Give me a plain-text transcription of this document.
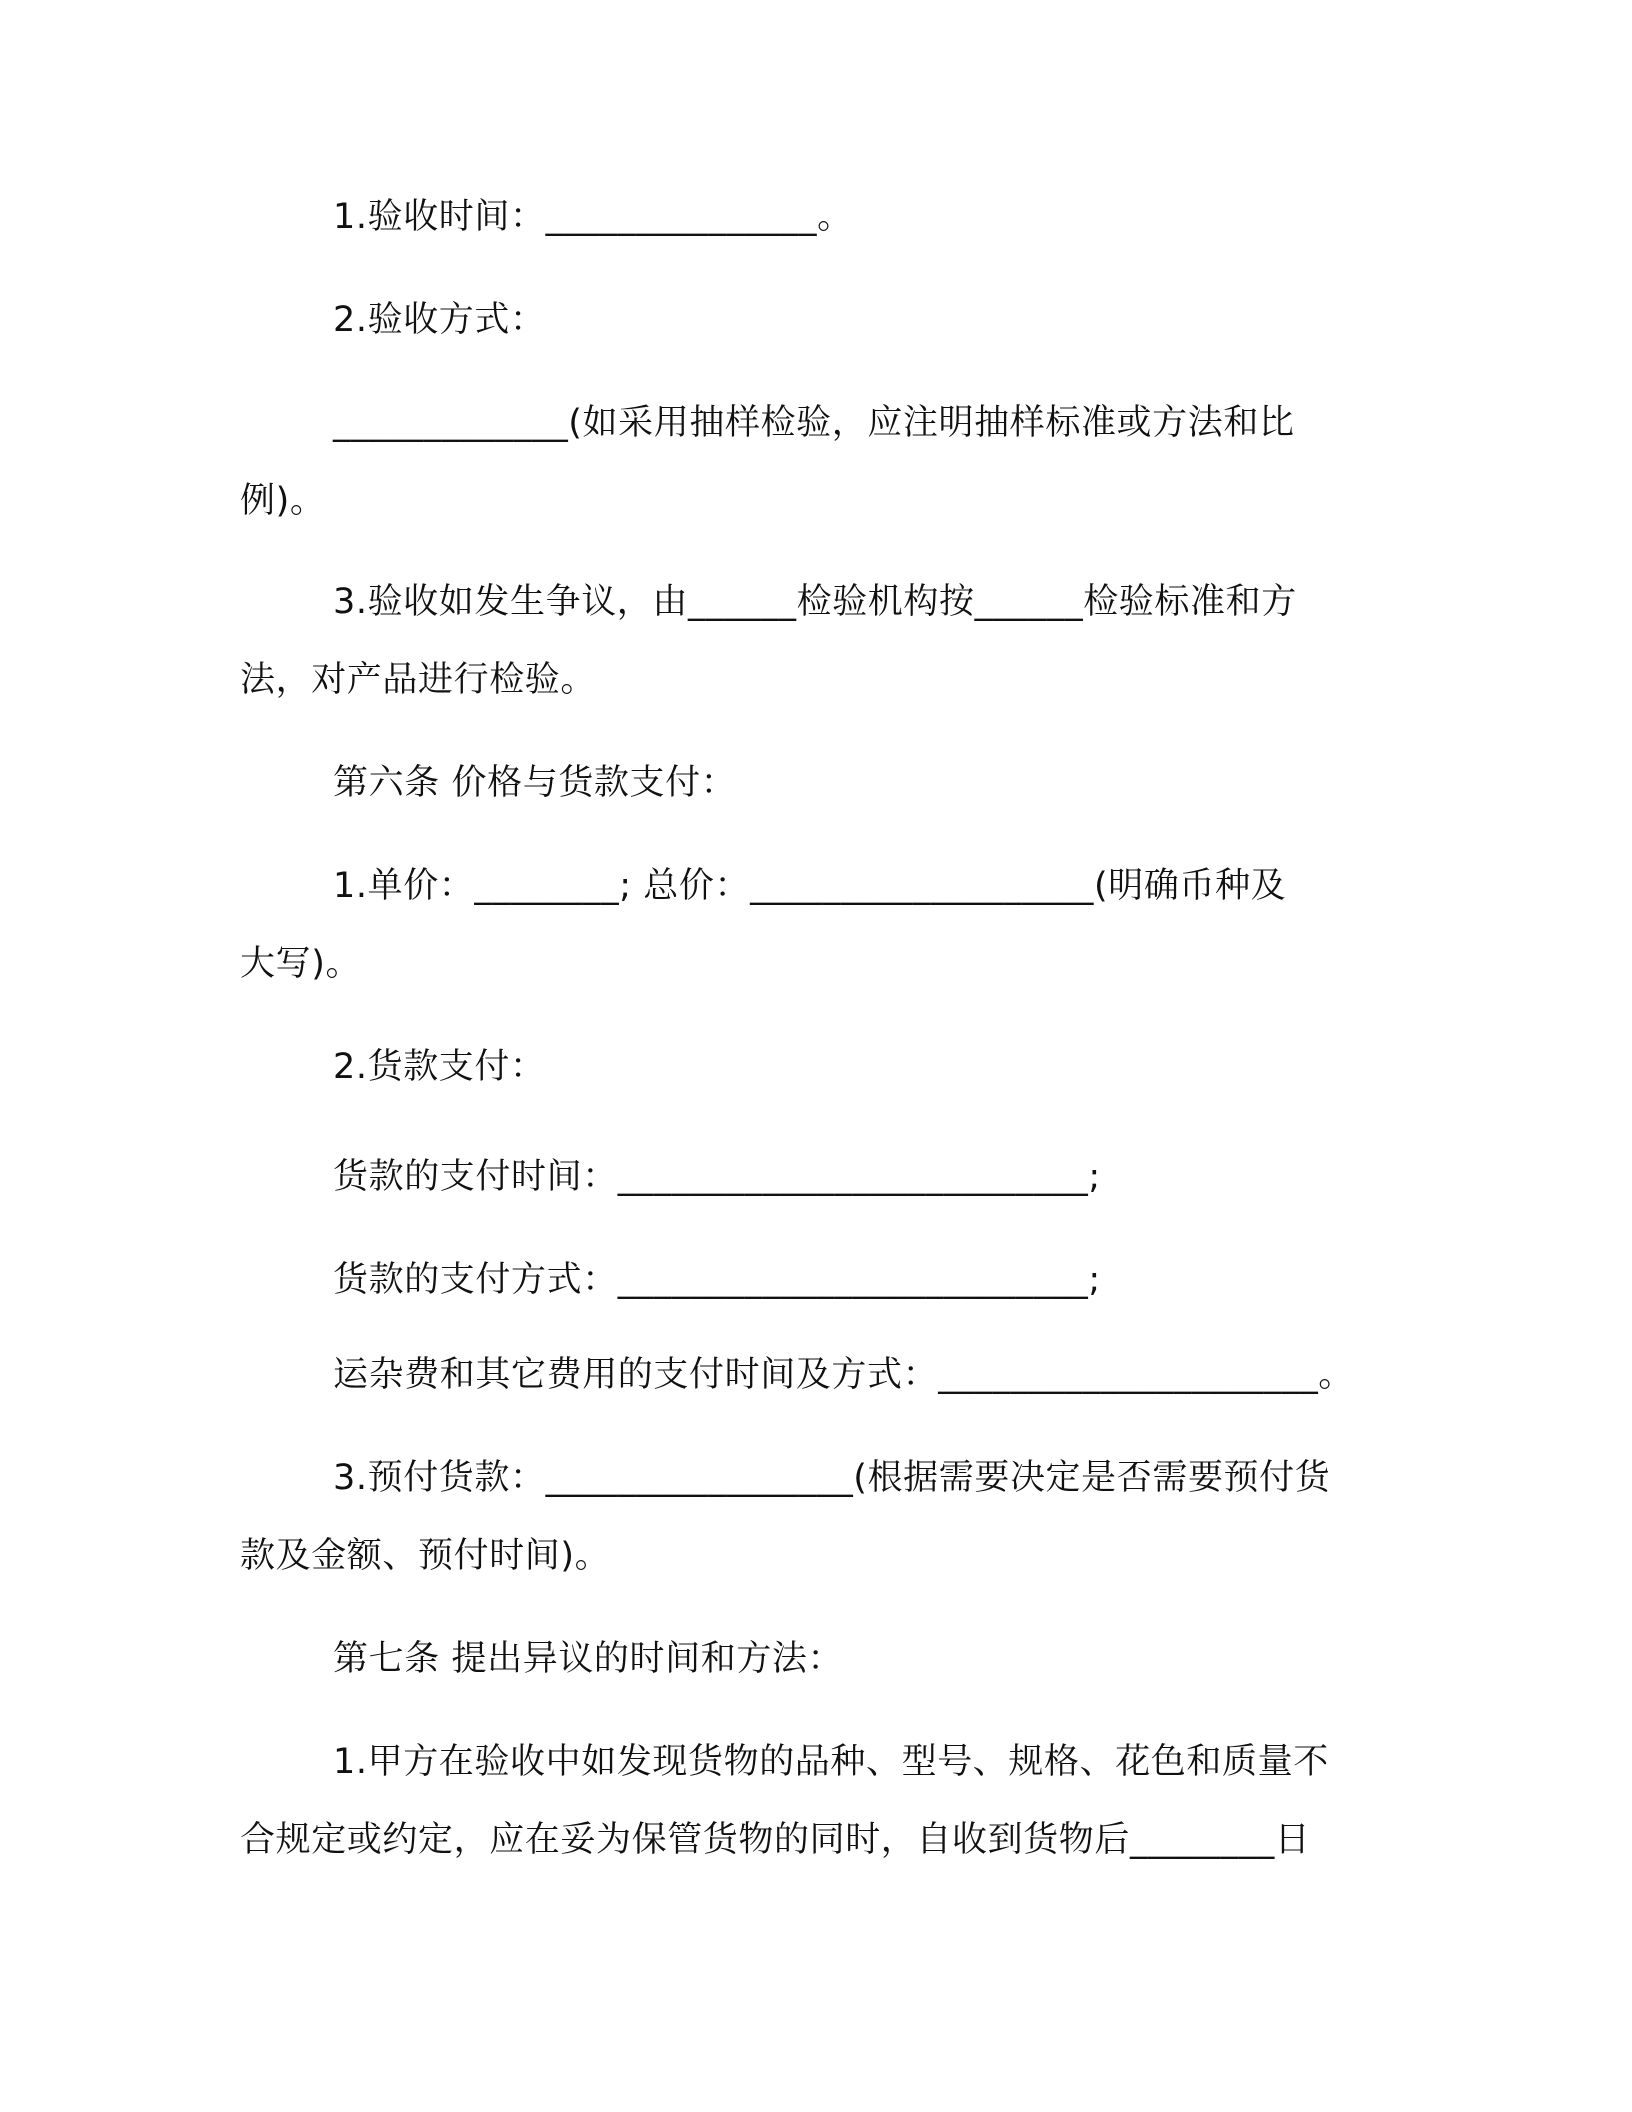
1.验收时间：_______________。
2.验收方式：
_____________(如采用抽样检验，应注明抽样标准或方法和比
例)。
3.验收如发生争议，由______检验机构按______检验标准和方
法，对产品进行检验。
第六条 价格与货款支付：
1.单价：________; 总价：___________________(明确币种及
大写)。
2.货款支付：
货款的支付时间：__________________________;
货款的支付方式：__________________________;
运杂费和其它费用的支付时间及方式：_____________________。
3.预付货款：_________________(根据需要决定是否需要预付货
款及金额、预付时间)。
第七条 提出异议的时间和方法：
1.甲方在验收中如发现货物的品种、型号、规格、花色和质量不
合规定或约定，应在妥为保管货物的同时，自收到货物后________日
